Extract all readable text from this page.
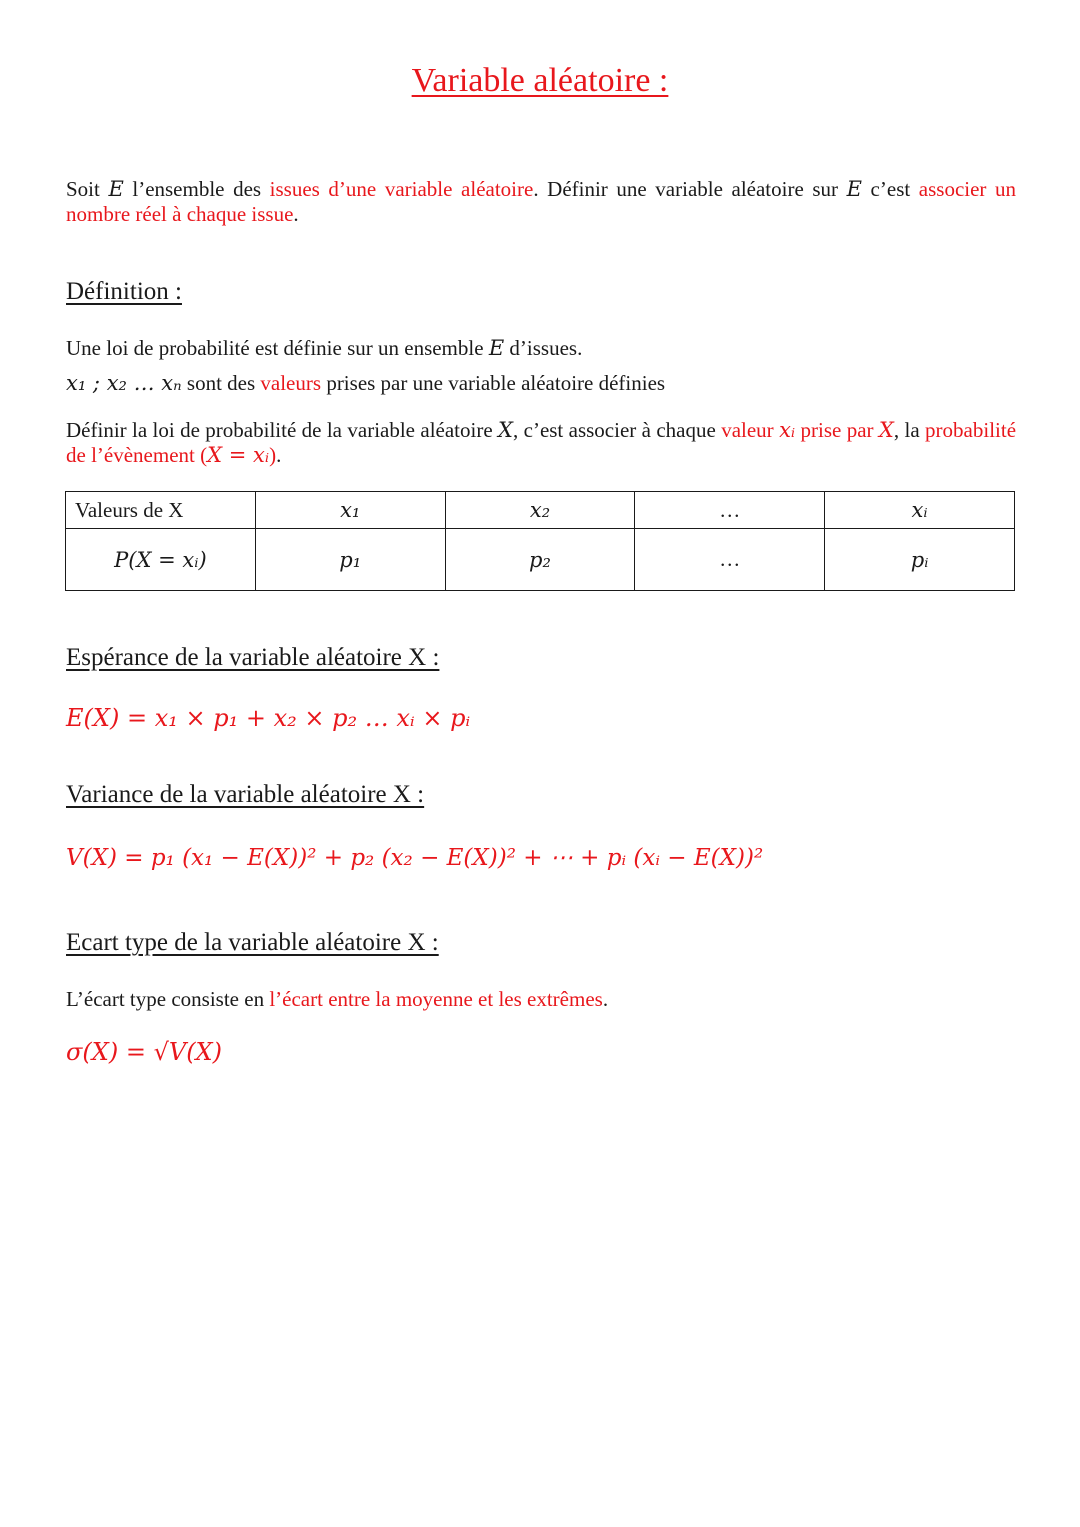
Variable aléatoire :
Soit E l’ensemble des issues d’une variable aléatoire. Définir une variable aléatoire sur E c’est associer un nombre réel à chaque issue.
Définition :
Une loi de probabilité est définie sur un ensemble E d’issues.
x₁ ; x₂ … xₙ sont des valeurs prises par une variable aléatoire définies
Définir la loi de probabilité de la variable aléatoire X, c’est associer à chaque valeur xᵢ prise par X, la probabilité de l’évènement (X = xᵢ).
Valeurs de X	x₁	x₂	…	xᵢ
P(X = xᵢ)	p₁	p₂	…	pᵢ
Espérance de la variable aléatoire X :
E(X) = x₁ × p₁ + x₂ × p₂ … xᵢ × pᵢ
Variance de la variable aléatoire X :
V(X) = p₁ (x₁ − E(X))² + p₂ (x₂ − E(X))² + ⋯ + pᵢ (xᵢ − E(X))²
Ecart type de la variable aléatoire X :
L’écart type consiste en l’écart entre la moyenne et les extrêmes.
σ(X) = √V(X)
